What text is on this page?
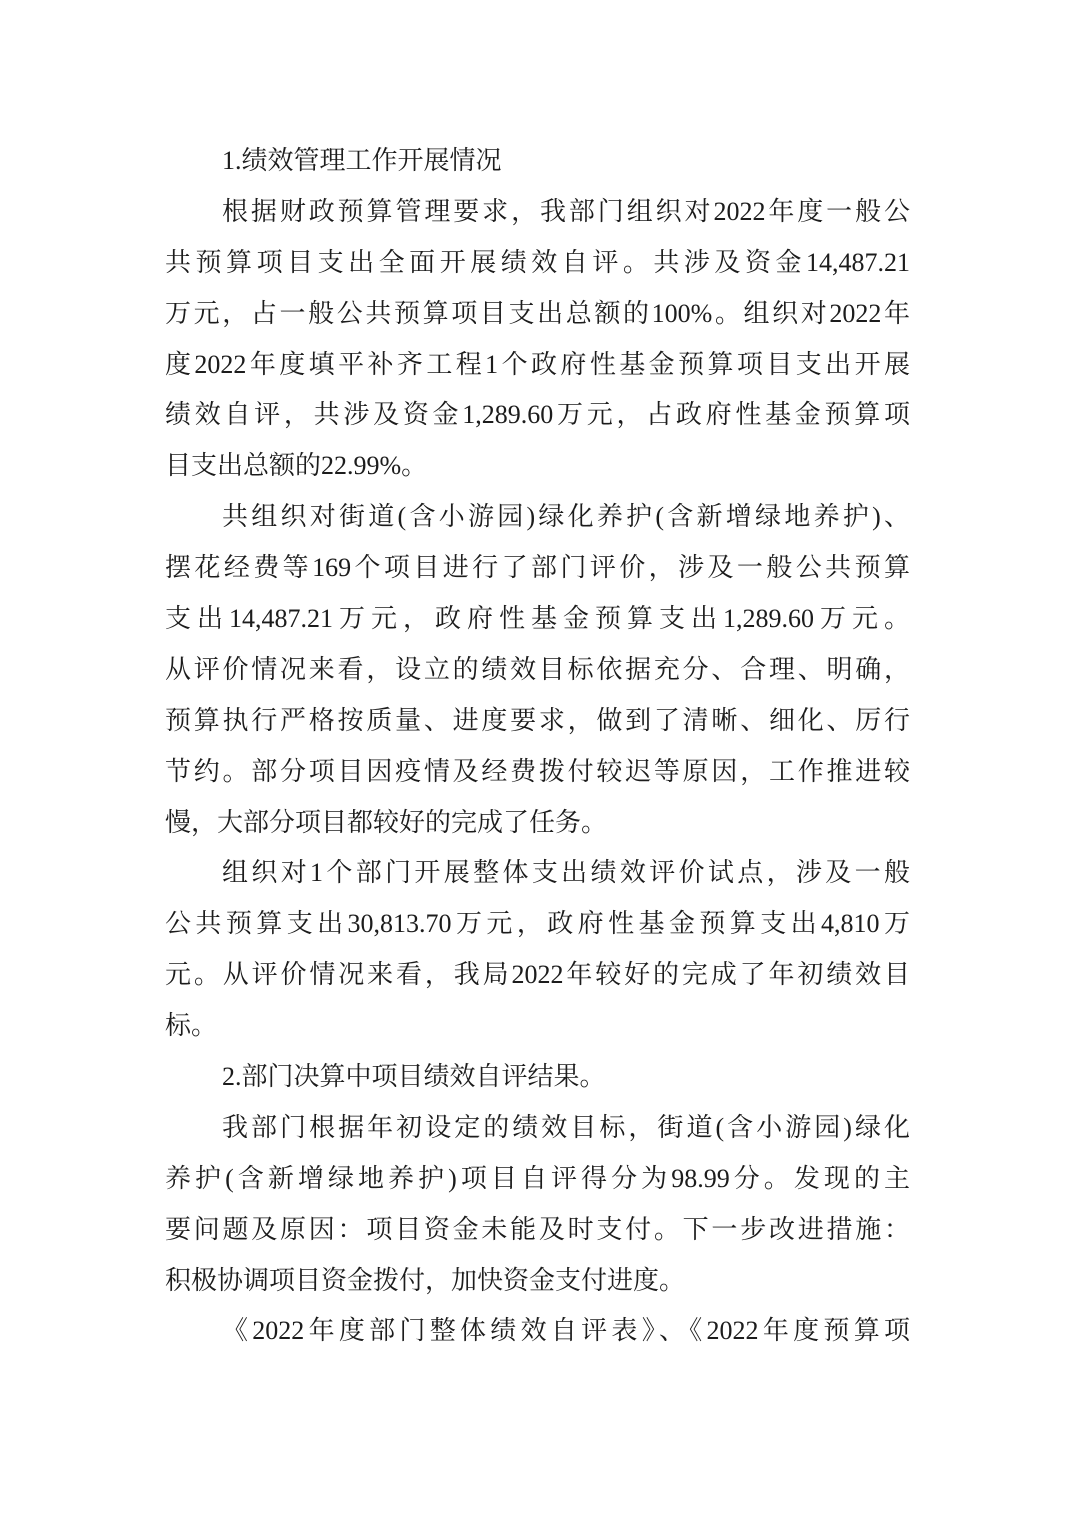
1.绩效管理工作开展情况
根据财政预算管理要求，我部门组织对2022年度一般公
共预算项目支出全面开展绩效自评。共涉及资金14,487.21
万元，占一般公共预算项目支出总额的100%。组织对2022年
度2022年度填平补齐工程1个政府性基金预算项目支出开展
绩效自评，共涉及资金1,289.60万元，占政府性基金预算项
目支出总额的22.99%。
共组织对街道(含小游园)绿化养护(含新增绿地养护)、
摆花经费等169个项目进行了部门评价，涉及一般公共预算
支出14,487.21万元，政府性基金预算支出1,289.60万元。
从评价情况来看，设立的绩效目标依据充分、合理、明确，
预算执行严格按质量、进度要求，做到了清晰、细化、厉行
节约。部分项目因疫情及经费拨付较迟等原因，工作推进较
慢，大部分项目都较好的完成了任务。
组织对1个部门开展整体支出绩效评价试点，涉及一般
公共预算支出30,813.70万元，政府性基金预算支出4,810万
元。从评价情况来看，我局2022年较好的完成了年初绩效目
标。
2.部门决算中项目绩效自评结果。
我部门根据年初设定的绩效目标，街道(含小游园)绿化
养护(含新增绿地养护)项目自评得分为98.99分。发现的主
要问题及原因：项目资金未能及时支付。下一步改进措施：
积极协调项目资金拨付，加快资金支付进度。
《2022年度部门整体绩效自评表》、《2022年度预算项
